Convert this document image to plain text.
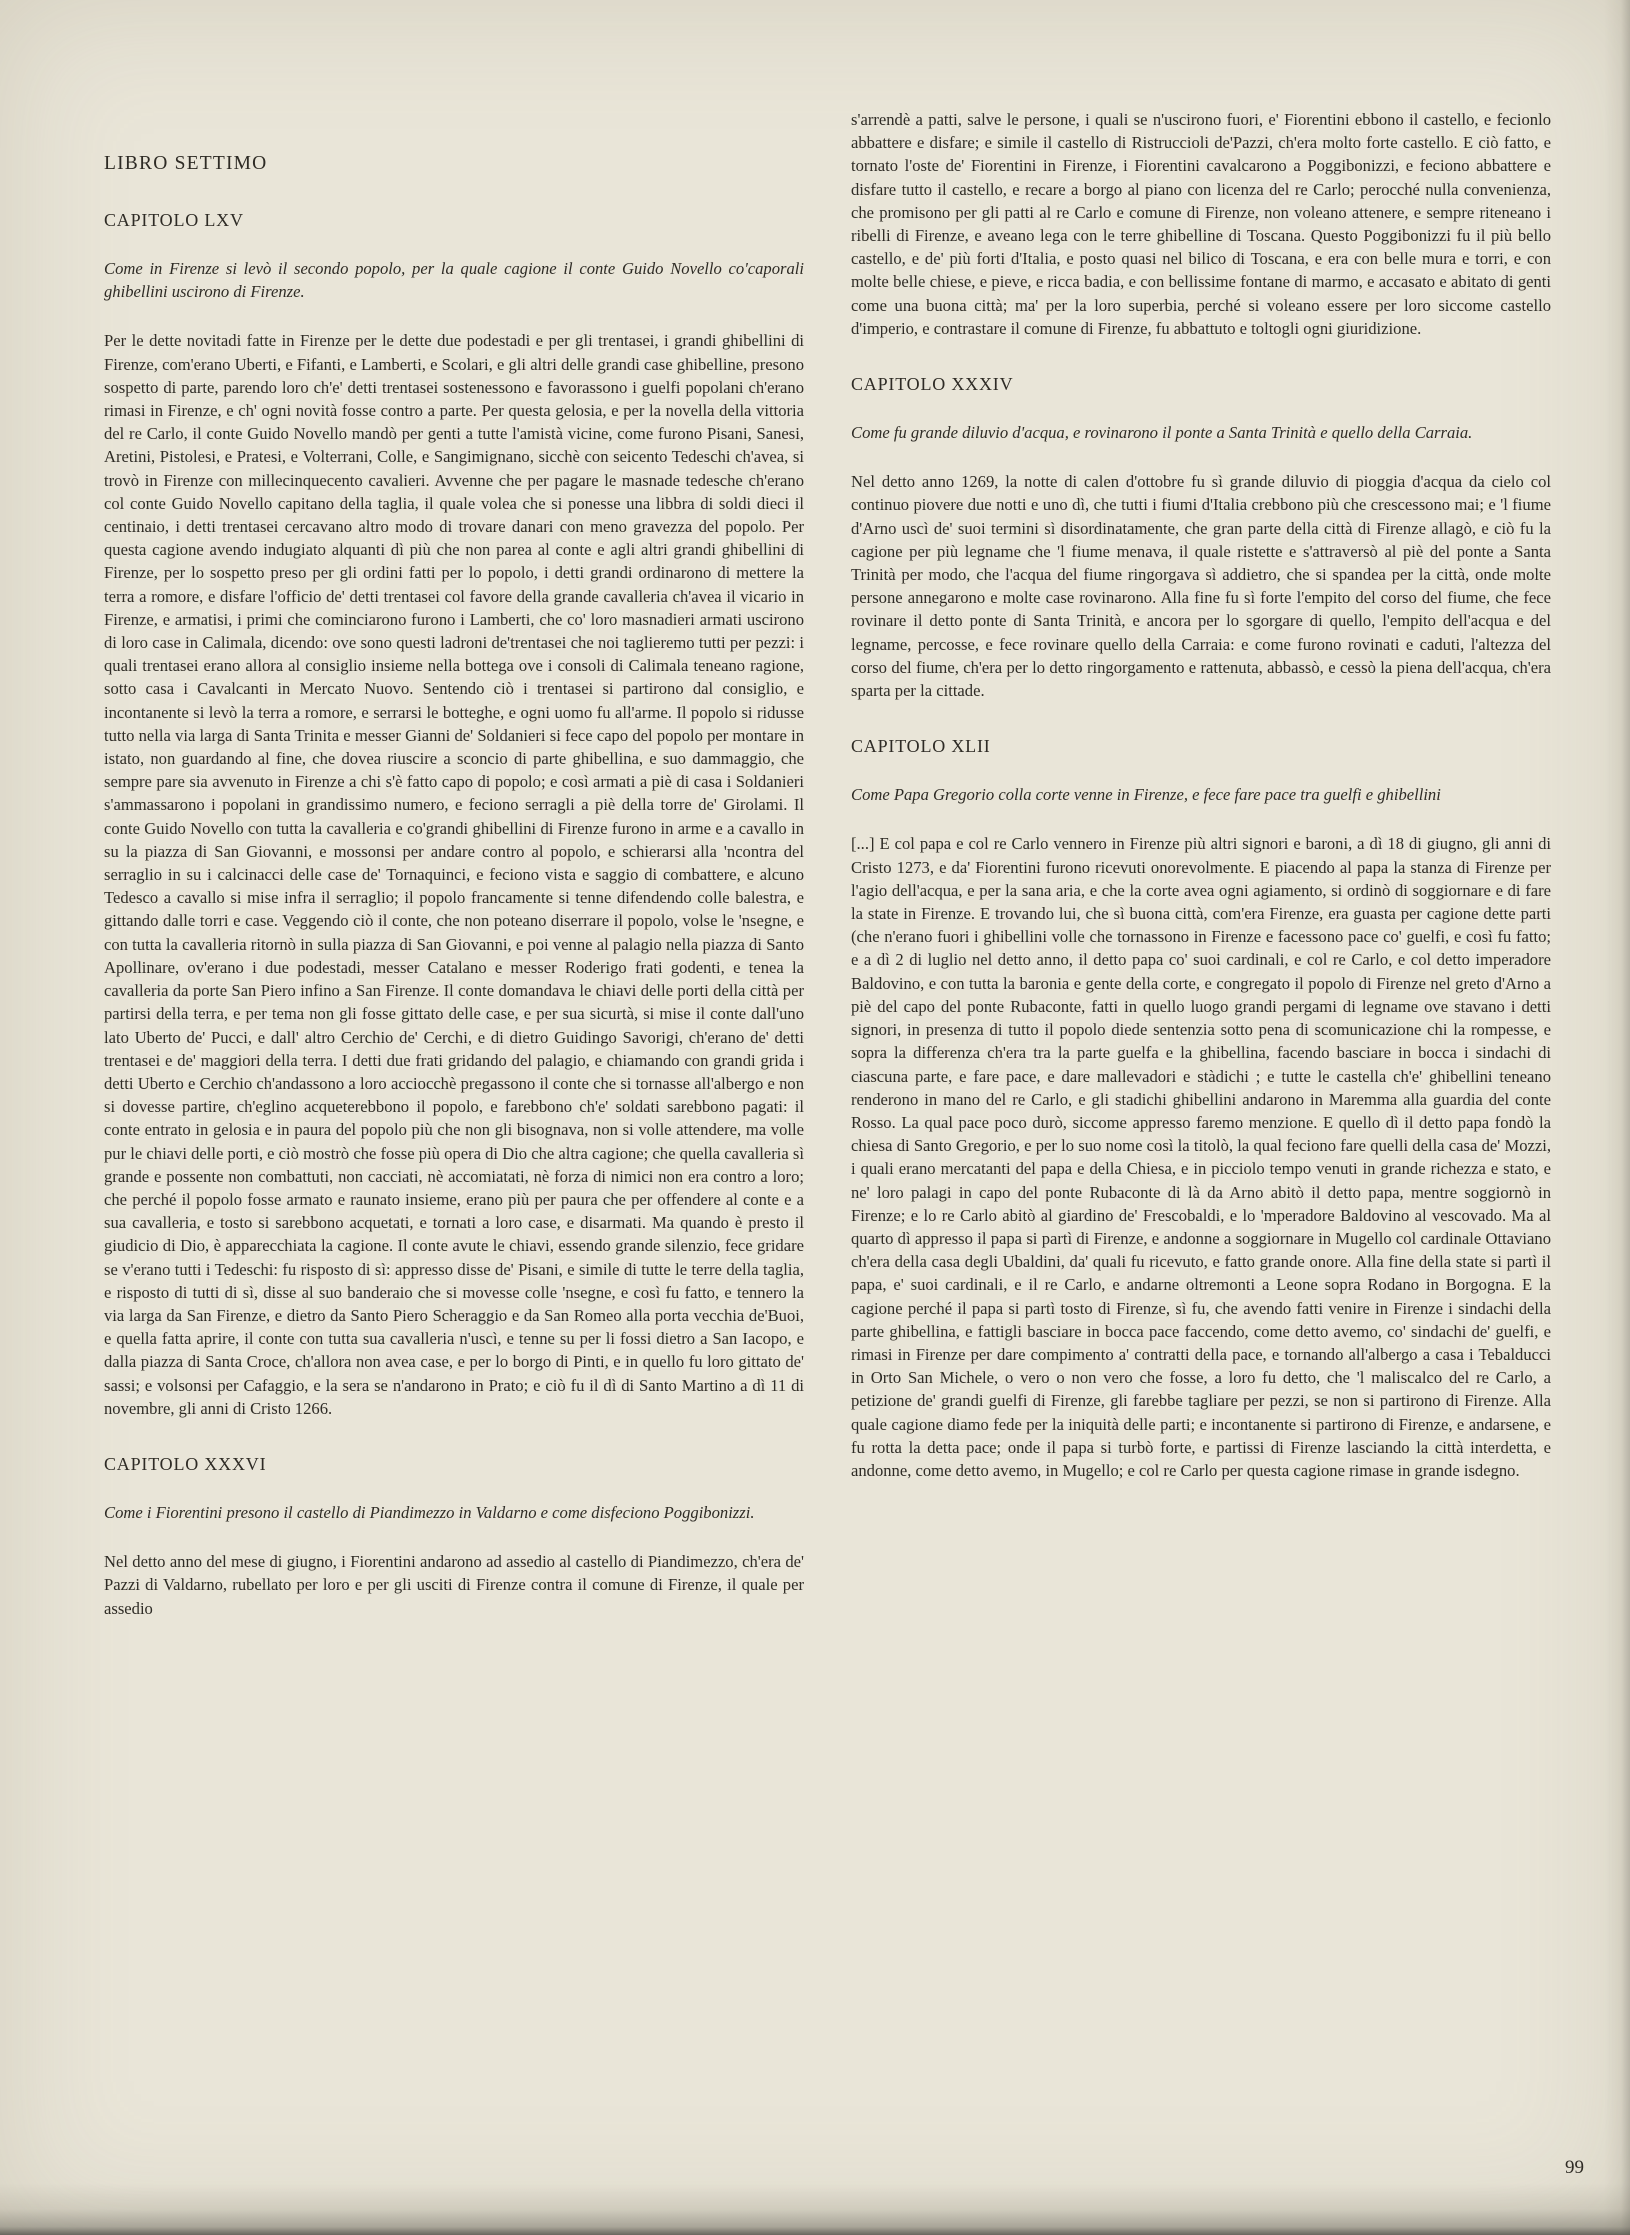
LIBRO SETTIMO
CAPITOLO LXV

Come in Firenze si levò il secondo popolo, per la quale cagione il conte Guido Novello co'caporali ghibellini uscirono di Firenze.

Per le dette novitadi fatte in Firenze per le dette due podestadi e per gli trentasei, i grandi ghibellini di Firenze, com'erano Uberti, e Fifanti, e Lamberti, e Scolari, e gli altri delle grandi case ghibelline, presono sospetto di parte, parendo loro ch'e' detti trentasei sostenessono e favorassono i guelfi popolani ch'erano rimasi in Firenze, e ch' ogni novità fosse contro a parte. Per questa gelosia, e per la novella della vittoria del re Carlo, il conte Guido Novello mandò per genti a tutte l'amistà vicine, come furono Pisani, Sanesi, Aretini, Pistolesi, e Pratesi, e Volterrani, Colle, e Sangimignano, sicchè con seicento Tedeschi ch'avea, si trovò in Firenze con millecinquecento cavalieri. Avvenne che per pagare le masnade tedesche ch'erano col conte Guido Novello capitano della taglia, il quale volea che si ponesse una libbra di soldi dieci il centinaio, i detti trentasei cercavano altro modo di trovare danari con meno gravezza del popolo. Per questa cagione avendo indugiato alquanti dì più che non parea al conte e agli altri grandi ghibellini di Firenze, per lo sospetto preso per gli ordini fatti per lo popolo, i detti grandi ordinarono di mettere la terra a romore, e disfare l'officio de' detti trentasei col favore della grande cavalleria ch'avea il vicario in Firenze, e armatisi, i primi che cominciarono furono i Lamberti, che co' loro masnadieri armati uscirono di loro case in Calimala, dicendo: ove sono questi ladroni de'trentasei che noi taglieremo tutti per pezzi: i quali trentasei erano allora al consiglio insieme nella bottega ove i consoli di Calimala teneano ragione, sotto casa i Cavalcanti in Mercato Nuovo. Sentendo ciò i trentasei si partirono dal consiglio, e incontanente si levò la terra a romore, e serrarsi le botteghe, e ogni uomo fu all'arme. Il popolo si ridusse tutto nella via larga di Santa Trinita e messer Gianni de' Soldanieri si fece capo del popolo per montare in istato, non guardando al fine, che dovea riuscire a sconcio di parte ghibellina, e suo dammaggio, che sempre pare sia avvenuto in Firenze a chi s'è fatto capo di popolo; e così armati a piè di casa i Soldanieri s'ammassarono i popolani in grandissimo numero, e feciono serragli a piè della torre de' Girolami. Il conte Guido Novello con tutta la cavalleria e co'grandi ghibellini di Firenze furono in arme e a cavallo in su la piazza di San Giovanni, e mossonsi per andare contro al popolo, e schierarsi alla 'ncontra del serraglio in su i calcinacci delle case de' Tornaquinci, e feciono vista e saggio di combattere, e alcuno Tedesco a cavallo si mise infra il serraglio; il popolo francamente si tenne difendendo colle balestra, e gittando dalle torri e case. Veggendo ciò il conte, che non poteano diserrare il popolo, volse le 'nsegne, e con tutta la cavalleria ritornò in sulla piazza di San Giovanni, e poi venne al palagio nella piazza di Santo Apollinare, ov'erano i due podestadi, messer Catalano e messer Roderigo frati godenti, e tenea la cavalleria da porte San Piero infino a San Firenze. Il conte domandava le chiavi delle porti della città per partirsi della terra, e per tema non gli fosse gittato delle case, e per sua sicurtà, si mise il conte dall'uno lato Uberto de' Pucci, e dall' altro Cerchio de' Cerchi, e di dietro Guidingo Savorigi, ch'erano de' detti trentasei e de' maggiori della terra. I detti due frati gridando del palagio, e chiamando con grandi grida i detti Uberto e Cerchio ch'andassono a loro acciocchè pregassono il conte che si tornasse all'albergo e non si dovesse partire, ch'eglino acqueterebbono il popolo, e farebbono ch'e' soldati sarebbono pagati: il conte entrato in gelosia e in paura del popolo più che non gli bisognava, non si volle attendere, ma volle pur le chiavi delle porti, e ciò mostrò che fosse più opera di Dio che altra cagione; che quella cavalleria sì grande e possente non combattuti, non cacciati, nè accomiatati, nè forza di nimici non era contro a loro; che perché il popolo fosse armato e raunato insieme, erano più per paura che per offendere al conte e a sua cavalleria, e tosto si sarebbono acquetati, e tornati a loro case, e disarmati. Ma quando è presto il giudicio di Dio, è apparecchiata la cagione. Il conte avute le chiavi, essendo grande silenzio, fece gridare se v'erano tutti i Tedeschi: fu risposto di sì: appresso disse de' Pisani, e simile di tutte le terre della taglia, e risposto di tutti di sì, disse al suo banderaio che si movesse colle 'nsegne, e così fu fatto, e tennero la via larga da San Firenze, e dietro da Santo Piero Scheraggio e da San Romeo alla porta vecchia de'Buoi, e quella fatta aprire, il conte con tutta sua cavalleria n'uscì, e tenne su per li fossi dietro a San Iacopo, e dalla piazza di Santa Croce, ch'allora non avea case, e per lo borgo di Pinti, e in quello fu loro gittato de' sassi; e volsonsi per Cafaggio, e la sera se n'andarono in Prato; e ciò fu il dì di Santo Martino a dì 11 di novembre, gli anni di Cristo 1266.

CAPITOLO XXXVI

Come i Fiorentini presono il castello di Piandimezzo in Valdarno e come disfeciono Poggibonizzi.

Nel detto anno del mese di giugno, i Fiorentini andarono ad assedio al castello di Piandimezzo, ch'era de' Pazzi di Valdarno, rubellato per loro e per gli usciti di Firenze contra il comune di Firenze, il quale per assedio

s'arrendè a patti, salve le persone, i quali se n'uscirono fuori, e' Fiorentini ebbono il castello, e fecionlo abbattere e disfare; e simile il castello di Ristruccioli de'Pazzi, ch'era molto forte castello. E ciò fatto, e tornato l'oste de' Fiorentini in Firenze, i Fiorentini cavalcarono a Poggibonizzi, e feciono abbattere e disfare tutto il castello, e recare a borgo al piano con licenza del re Carlo; perocché nulla convenienza, che promisono per gli patti al re Carlo e comune di Firenze, non voleano attenere, e sempre riteneano i ribelli di Firenze, e aveano lega con le terre ghibelline di Toscana. Questo Poggibonizzi fu il più bello castello, e de' più forti d'Italia, e posto quasi nel bilico di Toscana, e era con belle mura e torri, e con molte belle chiese, e pieve, e ricca badia, e con bellissime fontane di marmo, e accasato e abitato di genti come una buona città; ma' per la loro superbia, perché si voleano essere per loro siccome castello d'imperio, e contrastare il comune di Firenze, fu abbattuto e toltogli ogni giuridizione.

CAPITOLO XXXIV

Come fu grande diluvio d'acqua, e rovinarono il ponte a Santa Trinità e quello della Carraia.

Nel detto anno 1269, la notte di calen d'ottobre fu sì grande diluvio di pioggia d'acqua da cielo col continuo piovere due notti e uno dì, che tutti i fiumi d'Italia crebbono più che crescessono mai; e 'l fiume d'Arno uscì de' suoi termini sì disordinatamente, che gran parte della città di Firenze allagò, e ciò fu la cagione per più legname che 'l fiume menava, il quale ristette e s'attraversò al piè del ponte a Santa Trinità per modo, che l'acqua del fiume ringorgava sì addietro, che si spandea per la città, onde molte persone annegarono e molte case rovinarono. Alla fine fu sì forte l'empito del corso del fiume, che fece rovinare il detto ponte di Santa Trinità, e ancora per lo sgorgare di quello, l'empito dell'acqua e del legname, percosse, e fece rovinare quello della Carraia: e come furono rovinati e caduti, l'altezza del corso del fiume, ch'era per lo detto ringorgamento e rattenuta, abbassò, e cessò la piena dell'acqua, ch'era sparta per la cittade.

CAPITOLO XLII

Come Papa Gregorio colla corte venne in Firenze, e fece fare pace tra guelfi e ghibellini

[...] E col papa e col re Carlo vennero in Firenze più altri signori e baroni, a dì 18 di giugno, gli anni di Cristo 1273, e da' Fiorentini furono ricevuti onorevolmente. E piacendo al papa la stanza di Firenze per l'agio dell'acqua, e per la sana aria, e che la corte avea ogni agiamento, si ordinò di soggiornare e di fare la state in Firenze. E trovando lui, che sì buona città, com'era Firenze, era guasta per cagione dette parti (che n'erano fuori i ghibellini volle che tornassono in Firenze e facessono pace co' guelfi, e così fu fatto; e a dì 2 di luglio nel detto anno, il detto papa co' suoi cardinali, e col re Carlo, e col detto imperadore Baldovino, e con tutta la baronia e gente della corte, e congregato il popolo di Firenze nel greto d'Arno a piè del capo del ponte Rubaconte, fatti in quello luogo grandi pergami di legname ove stavano i detti signori, in presenza di tutto il popolo diede sentenzia sotto pena di scomunicazione chi la rompesse, e sopra la differenza ch'era tra la parte guelfa e la ghibellina, facendo basciare in bocca i sindachi di ciascuna parte, e fare pace, e dare mallevadori e stàdichi ; e tutte le castella ch'e' ghibellini teneano renderono in mano del re Carlo, e gli stadichi ghibellini andarono in Maremma alla guardia del conte Rosso. La qual pace poco durò, siccome appresso faremo menzione. E quello dì il detto papa fondò la chiesa di Santo Gregorio, e per lo suo nome così la titolò, la qual feciono fare quelli della casa de' Mozzi, i quali erano mercatanti del papa e della Chiesa, e in picciolo tempo venuti in grande richezza e stato, e ne' loro palagi in capo del ponte Rubaconte di là da Arno abitò il detto papa, mentre soggiornò in Firenze; e lo re Carlo abitò al giardino de' Frescobaldi, e lo 'mperadore Baldovino al vescovado. Ma al quarto dì appresso il papa si partì di Firenze, e andonne a soggiornare in Mugello col cardinale Ottaviano ch'era della casa degli Ubaldini, da' quali fu ricevuto, e fatto grande onore. Alla fine della state si partì il papa, e' suoi cardinali, e il re Carlo, e andarne oltremonti a Leone sopra Rodano in Borgogna. E la cagione perché il papa si partì tosto di Firenze, sì fu, che avendo fatti venire in Firenze i sindachi della parte ghibellina, e fattigli basciare in bocca pace faccendo, come detto avemo, co' sindachi de' guelfi, e rimasi in Firenze per dare compimento a' contratti della pace, e tornando all'albergo a casa i Tebalducci in Orto San Michele, o vero o non vero che fosse, a loro fu detto, che 'l maliscalco del re Carlo, a petizione de' grandi guelfi di Firenze, gli farebbe tagliare per pezzi, se non si partirono di Firenze. Alla quale cagione diamo fede per la iniquità delle parti; e incontanente si partirono di Firenze, e andarsene, e fu rotta la detta pace; onde il papa si turbò forte, e partissi di Firenze lasciando la città interdetta, e andonne, come detto avemo, in Mugello; e col re Carlo per questa cagione rimase in grande isdegno.

99
